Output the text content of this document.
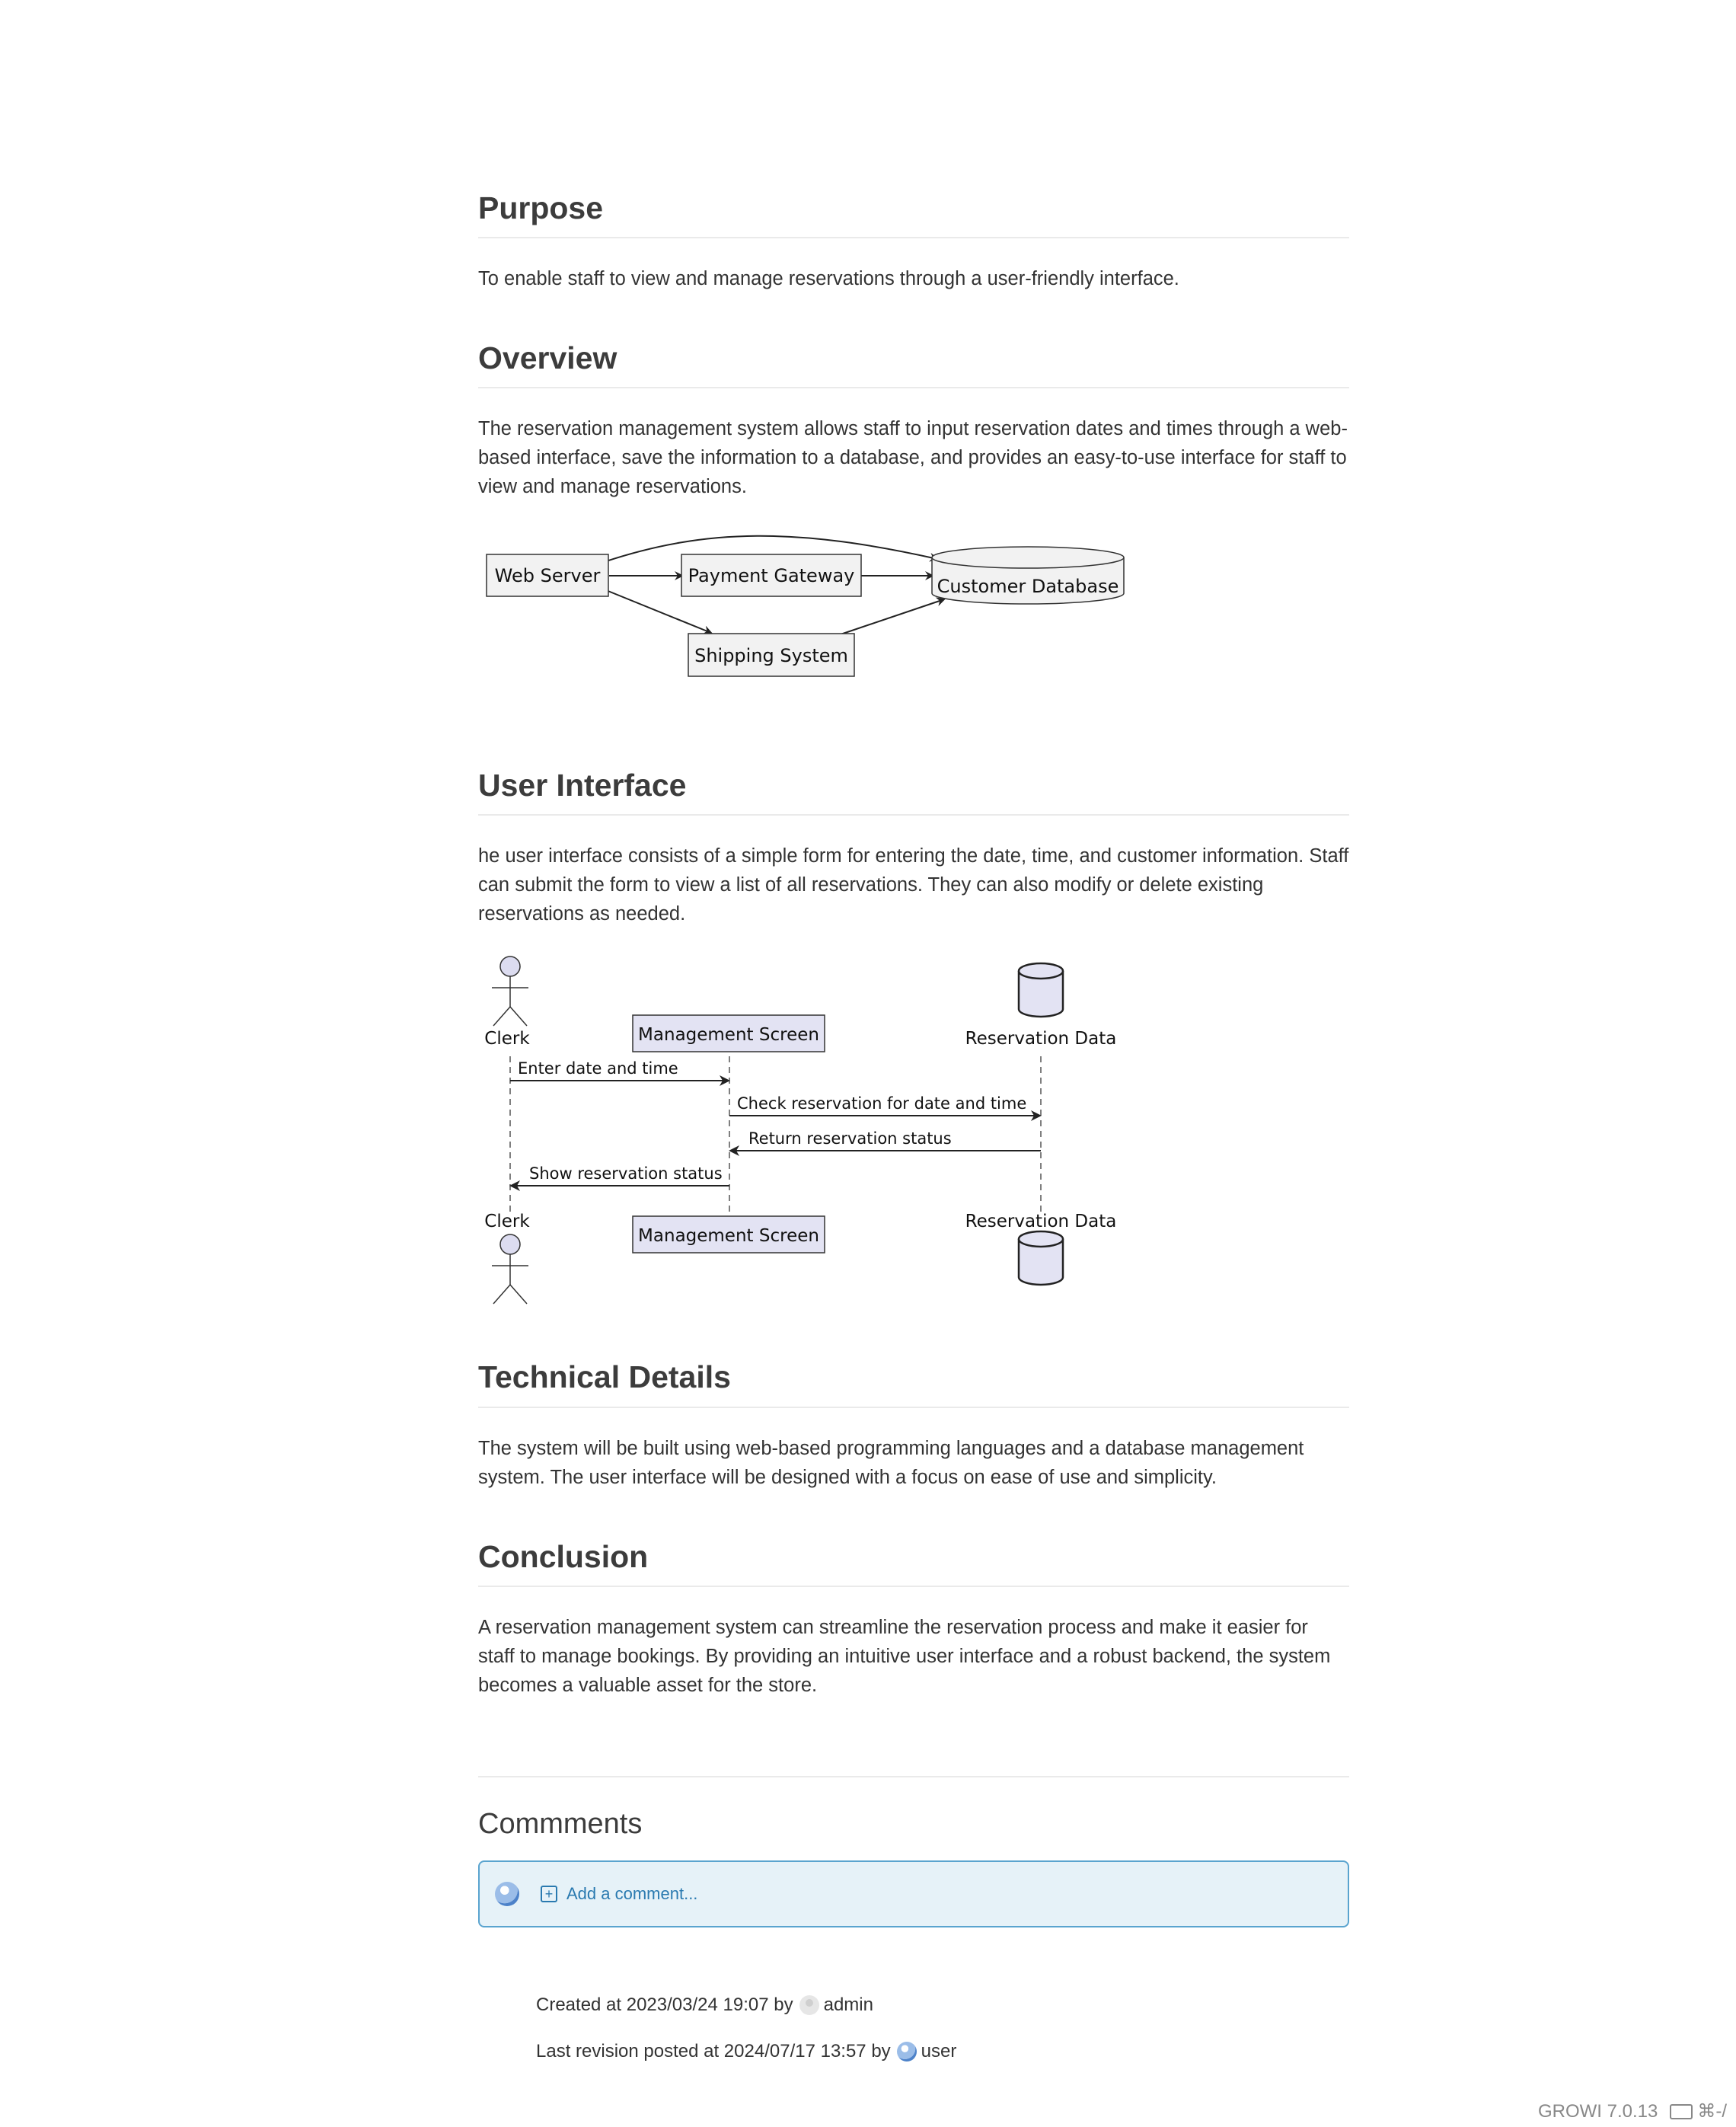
Purpose

To enable staff to view and manage reservations through a user-friendly interface.

Overview

The reservation management system allows staff to input reservation dates and times through a web-based interface, save the information to a database, and provides an easy-to-use interface for staff to view and manage reservations.

Web Server	Payment Gateway	Customer Database
Shipping System
User Interface

he user interface consists of a simple form for entering the date, time, and customer information. Staff can submit the form to view a list of all reservations. They can also modify or delete existing reservations as needed.

Clerk	Management Screen	Reservation Data
Enter date and time
Check reservation for date and time
Return reservation status
Show reservation status
Clerk
Management Screen
Reservation Data
Technical Details

The system will be built using web-based programming languages and a database management system. The user interface will be designed with a focus on ease of use and simplicity.

Conclusion

A reservation management system can streamline the reservation process and make it easier for staff to manage bookings. By providing an intuitive user interface and a robust backend, the system becomes a valuable asset for the store.

Commments
+ Add a comment...
Created at 2023/03/24 19:07 by admin
Last revision posted at 2024/07/17 13:57 by user
GROWI 7.0.13 ⌘-/
